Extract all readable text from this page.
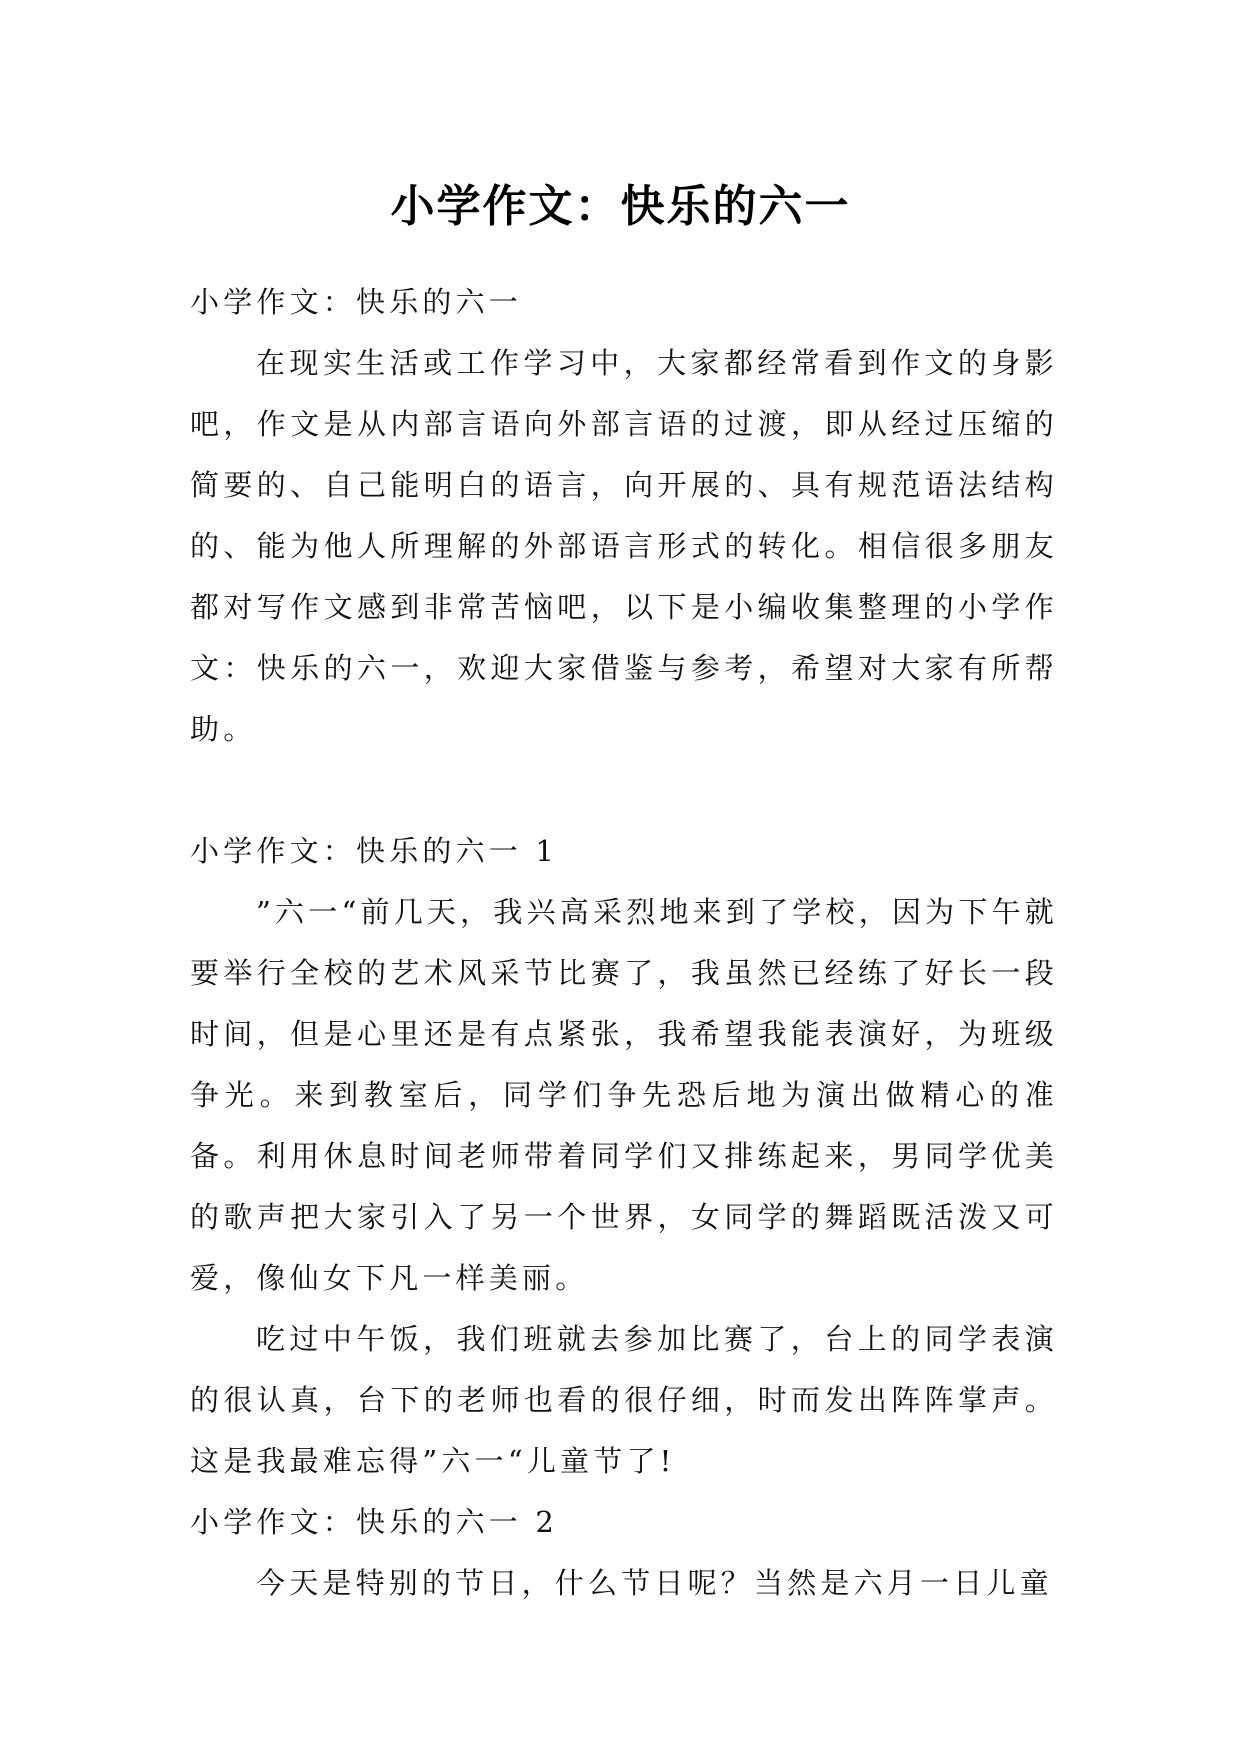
小学作文：快乐的六一

小学作文：快乐的六一

在现实生活或工作学习中，大家都经常看到作文的身影吧，作文是从内部言语向外部言语的过渡，即从经过压缩的简要的、自己能明白的语言，向开展的、具有规范语法结构的、能为他人所理解的外部语言形式的转化。相信很多朋友都对写作文感到非常苦恼吧，以下是小编收集整理的小学作文：快乐的六一，欢迎大家借鉴与参考，希望对大家有所帮助。

小学作文：快乐的六一 1

”六一“前几天，我兴高采烈地来到了学校，因为下午就要举行全校的艺术风采节比赛了，我虽然已经练了好长一段时间，但是心里还是有点紧张，我希望我能表演好，为班级争光。来到教室后，同学们争先恐后地为演出做精心的准备。利用休息时间老师带着同学们又排练起来，男同学优美的歌声把大家引入了另一个世界，女同学的舞蹈既活泼又可爱，像仙女下凡一样美丽。

吃过中午饭，我们班就去参加比赛了，台上的同学表演的很认真，台下的老师也看的很仔细，时而发出阵阵掌声。这是我最难忘得”六一“儿童节了!

小学作文：快乐的六一 2

今天是特别的节日，什么节日呢？当然是六月一日儿童
